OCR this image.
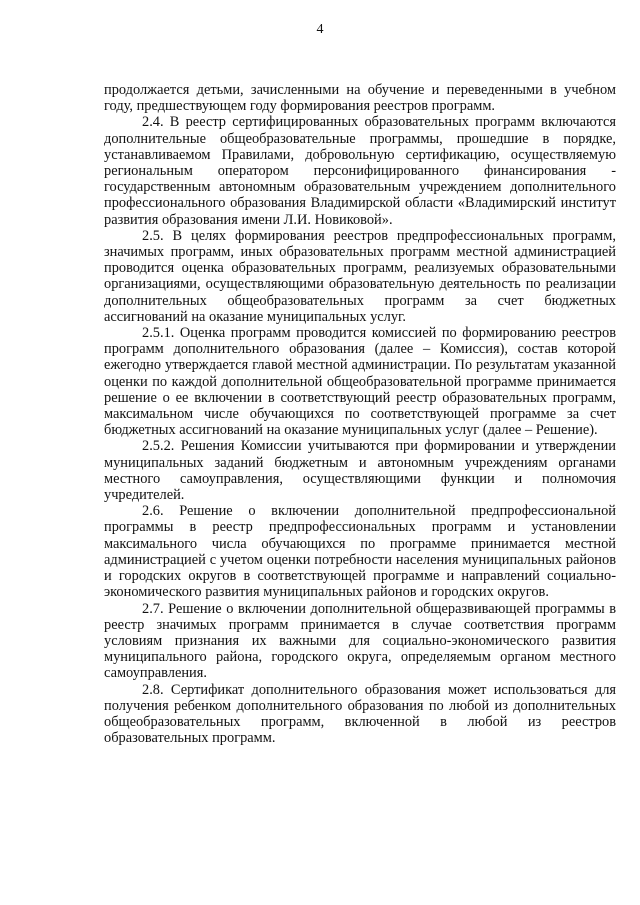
4

продолжается детьми, зачисленными на обучение и переведенными в учебном году, предшествующем году формирования реестров программ.

2.4. В реестр сертифицированных образовательных программ включаются дополнительные общеобразовательные программы, прошедшие в порядке, устанавливаемом Правилами, добровольную сертификацию, осуществляемую региональным оператором персонифицированного финансирования - государственным автономным образовательным учреждением дополнительного профессионального образования Владимирской области «Владимирский институт развития образования имени Л.И. Новиковой».

2.5. В целях формирования реестров предпрофессиональных программ, значимых программ, иных образовательных программ местной администрацией проводится оценка образовательных программ, реализуемых образовательными организациями, осуществляющими образовательную деятельность по реализации дополнительных общеобразовательных программ за счет бюджетных ассигнований на оказание муниципальных услуг.

2.5.1. Оценка программ проводится комиссией по формированию реестров программ дополнительного образования (далее – Комиссия), состав которой ежегодно утверждается главой местной администрации. По результатам указанной оценки по каждой дополнительной общеобразовательной программе принимается решение о ее включении в соответствующий реестр образовательных программ, максимальном числе обучающихся по соответствующей программе за счет бюджетных ассигнований на оказание муниципальных услуг (далее – Решение).

2.5.2. Решения Комиссии учитываются при формировании и утверждении муниципальных заданий бюджетным и автономным учреждениям органами местного самоуправления, осуществляющими функции и полномочия учредителей.

2.6. Решение о включении дополнительной предпрофессиональной программы в реестр предпрофессиональных программ и установлении максимального числа обучающихся по программе принимается местной администрацией с учетом оценки потребности населения муниципальных районов и городских округов в соответствующей программе и направлений социально-экономического развития муниципальных районов и городских округов.

2.7. Решение о включении дополнительной общеразвивающей программы в реестр значимых программ принимается в случае соответствия программ условиям признания их важными для социально-экономического развития муниципального района, городского округа, определяемым органом местного самоуправления.

2.8. Сертификат дополнительного образования может использоваться для получения ребенком дополнительного образования по любой из дополнительных общеобразовательных программ, включенной в любой из реестров образовательных программ.
